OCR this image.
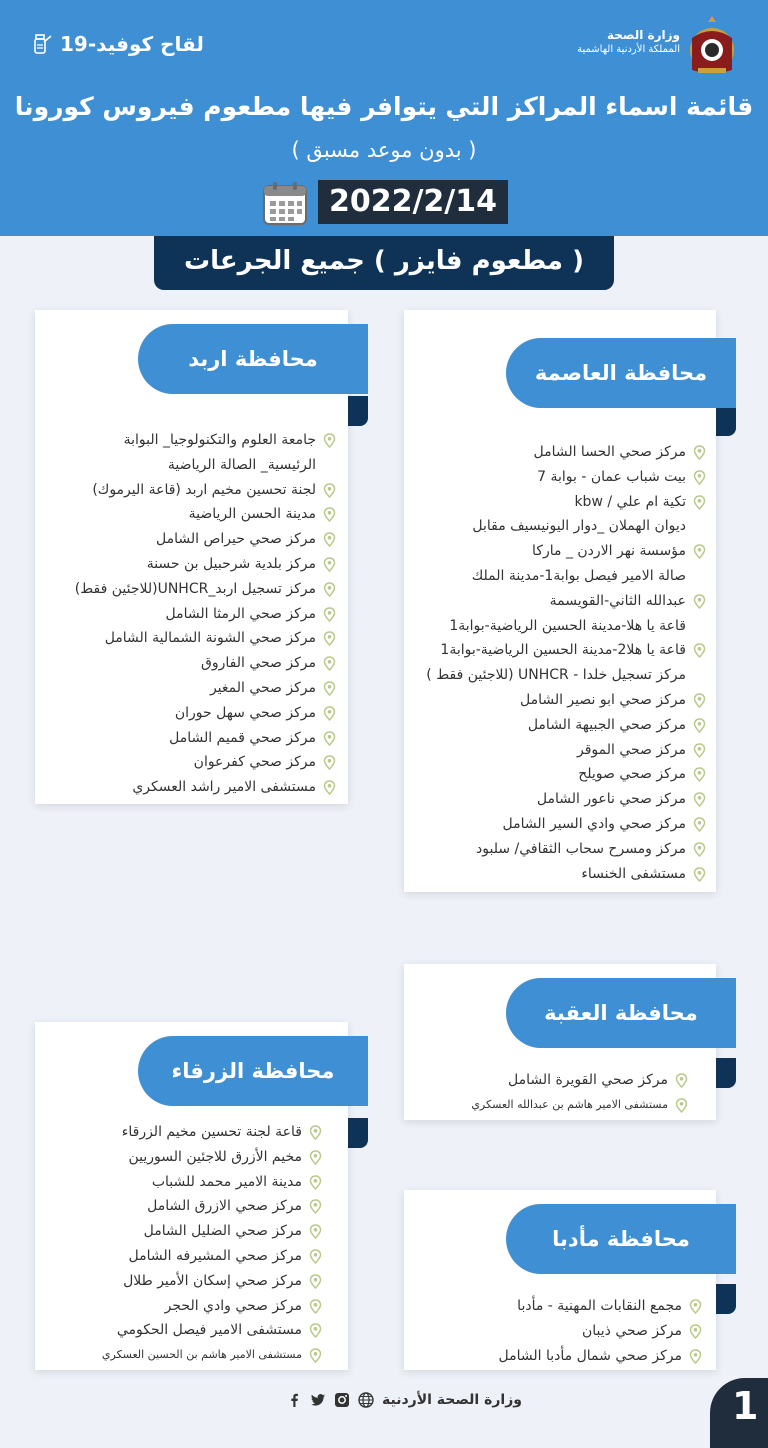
وزارة الصحة
المملكة الأردنية الهاشمية
لقاح كوفيد-19
قائمة اسماء المراكز التي يتوافر فيها مطعوم فيروس كورونا
( بدون موعد مسبق )
2022/2/14
( مطعوم فايزر ) جميع الجرعات
محافظة العاصمة
مركز صحي الحسا الشامل
بيت شباب عمان - بوابة 7
تكية ام علي / kbw
ديوان الهملان _دوار اليونيسيف مقابل
مؤسسة نهر الاردن _ ماركا
صالة الامير فيصل بوابة1-مدينة الملك
عبدالله الثاني-القويسمة
قاعة يا هلا-مدينة الحسين الرياضية-بوابة1
قاعة يا هلا2-مدينة الحسين الرياضية-بوابة1
مركز تسجيل خلدا - UNHCR (للاجئين فقط )
مركز صحي ابو نصير الشامل
مركز صحي الجبيهة الشامل
مركز صحي الموقر
مركز صحي صويلح
مركز صحي ناعور الشامل
مركز صحي وادي السير الشامل
مركز ومسرح سحاب الثقافي/ سلبود
مستشفى الخنساء
محافظة اربد
جامعة العلوم والتكنولوجيا_ البوابة
الرئيسية_ الصالة الرياضية
لجنة تحسين مخيم اربد (قاعة اليرموك)
مدينة الحسن الرياضية
مركز صحي حيراص الشامل
مركز بلدية شرحبيل بن حسنة
مركز تسجيل اربد_UNHCR(للاجئين فقط)
مركز صحي الرمثا الشامل
مركز صحي الشونة الشمالية الشامل
مركز صحي الفاروق
مركز صحي المغير
مركز صحي سهل حوران
مركز صحي قميم الشامل
مركز صحي كفرعوان
مستشفى الامير راشد العسكري
محافظة العقبة
مركز صحي القويرة الشامل
مستشفى الامير هاشم بن عبدالله العسكري
محافظة الزرقاء
قاعة لجنة تحسين مخيم الزرقاء
مخيم الأزرق للاجئين السوريين
مدينة الامير محمد للشباب
مركز صحي الازرق الشامل
مركز صحي الضليل الشامل
مركز صحي المشيرفه الشامل
مركز صحي إسكان الأمير طلال
مركز صحي وادي الحجر
مستشفى الامير فيصل الحكومي
مستشفى الامير هاشم بن الحسين العسكري
محافظة مأدبا
مجمع النقابات المهنية - مأدبا
مركز صحي ذيبان
مركز صحي شمال مأدبا الشامل
وزارة الصحة الأردنية	1
